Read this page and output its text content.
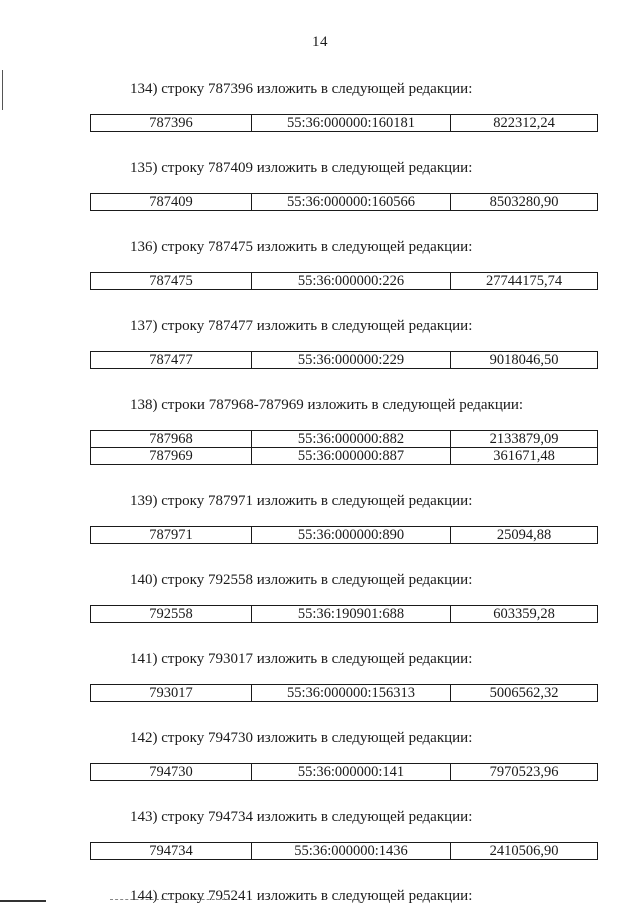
14
134) строку 787396 изложить в следующей редакции:
787396	55:36:000000:160181	822312,24
135) строку 787409 изложить в следующей редакции:
787409	55:36:000000:160566	8503280,90
136) строку 787475 изложить в следующей редакции:
787475	55:36:000000:226	27744175,74
137) строку 787477 изложить в следующей редакции:
787477	55:36:000000:229	9018046,50
138) строки 787968-787969 изложить в следующей редакции:
787968	55:36:000000:882	2133879,09
787969	55:36:000000:887	361671,48
139) строку 787971 изложить в следующей редакции:
787971	55:36:000000:890	25094,88
140) строку 792558 изложить в следующей редакции:
792558	55:36:190901:688	603359,28
141) строку 793017 изложить в следующей редакции:
793017	55:36:000000:156313	5006562,32
142) строку 794730 изложить в следующей редакции:
794730	55:36:000000:141	7970523,96
143) строку 794734 изложить в следующей редакции:
794734	55:36:000000:1436	2410506,90
144) строку 795241 изложить в следующей редакции:
